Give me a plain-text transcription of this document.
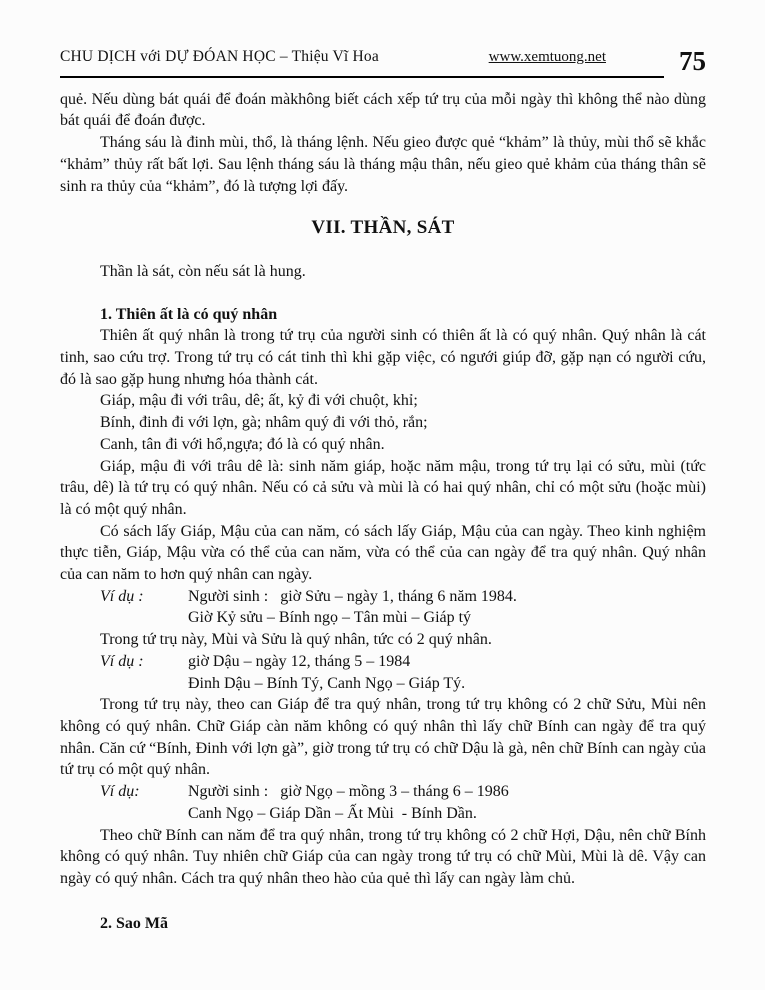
CHU DỊCH với DỰ ĐÓAN HỌC – Thiệu Vĩ Hoa	www.xemtuong.net	75

quẻ. Nếu dùng bát quái để đoán màkhông biết cách xếp tứ trụ của mỗi ngày thì không thể nào dùng bát quái để đoán được.

Tháng sáu là đinh mùi, thổ, là tháng lệnh. Nếu gieo được quẻ “khảm” là thủy, mùi thổ sẽ khắc “khảm” thủy rất bất lợi. Sau lệnh tháng sáu là tháng mậu thân, nếu gieo quẻ khảm của tháng thân sẽ sinh ra thủy của “khảm”, đó là tượng lợi đấy.

VII. THẦN, SÁT

Thần là sát, còn nếu sát là hung.

1. Thiên ất là có quý nhân

Thiên ất quý nhân là trong tứ trụ của người sinh có thiên ất là có quý nhân. Quý nhân là cát tinh, sao cứu trợ. Trong tứ trụ có cát tinh thì khi gặp việc, có ngưới giúp đỡ, gặp nạn có người cứu, đó là sao gặp hung nhưng hóa thành cát.

Giáp, mậu đi với trâu, dê; ất, kỷ đi với chuột, khỉ;

Bính, đinh đi với lợn, gà; nhâm quý đi với thỏ, rắn;

Canh, tân đi với hổ,ngựa; đó là có quý nhân.

Giáp, mậu đi với trâu dê là: sinh năm giáp, hoặc năm mậu, trong tứ trụ lại có sửu, mùi (tức trâu, dê) là tứ trụ có quý nhân. Nếu có cả sửu và mùi là có hai quý nhân, chỉ có một sửu (hoặc mùi) là có một quý nhân.

Có sách lấy Giáp, Mậu của can năm, có sách lấy Giáp, Mậu của can ngày. Theo kinh nghiệm thực tiễn, Giáp, Mậu vừa có thể của can năm, vừa có thể của can ngày để tra quý nhân. Quý nhân của can năm to hơn quý nhân can ngày.

Ví dụ :	Người sinh :   giờ Sửu – ngày 1, tháng 6 năm 1984.
Giờ Kỷ sửu – Bính ngọ – Tân mùi – Giáp tý

Trong tứ trụ này, Mùi và Sửu là quý nhân, tức có 2 quý nhân.

Ví dụ :	giờ Dậu – ngày 12, tháng 5 – 1984
Đinh Dậu – Bính Tý, Canh Ngọ – Giáp Tý.

Trong tứ trụ này, theo can Giáp để tra quý nhân, trong tứ trụ không có 2 chữ Sửu, Mùi nên không có quý nhân. Chữ Giáp càn năm không có quý nhân thì lấy chữ Bính can ngày để tra quý nhân. Căn cứ “Bính, Đinh với lợn gà”, giờ trong tứ trụ có chữ Dậu là gà, nên chữ Bính can ngày của tứ trụ có một quý nhân.

Ví dụ:	Người sinh :   giờ Ngọ – mồng 3 – tháng 6 – 1986
Canh Ngọ – Giáp Dần – Ất Mùi  - Bính Dần.

Theo chữ Bính can năm để tra quý nhân, trong tứ trụ không có 2 chữ Hợi, Dậu, nên chữ Bính không có quý nhân. Tuy nhiên chữ Giáp của can ngày trong tứ trụ có chữ Mùi, Mùi là dê. Vậy can ngày có quý nhân. Cách tra quý nhân theo hào của quẻ thì lấy can ngày làm chủ.

2. Sao Mã
